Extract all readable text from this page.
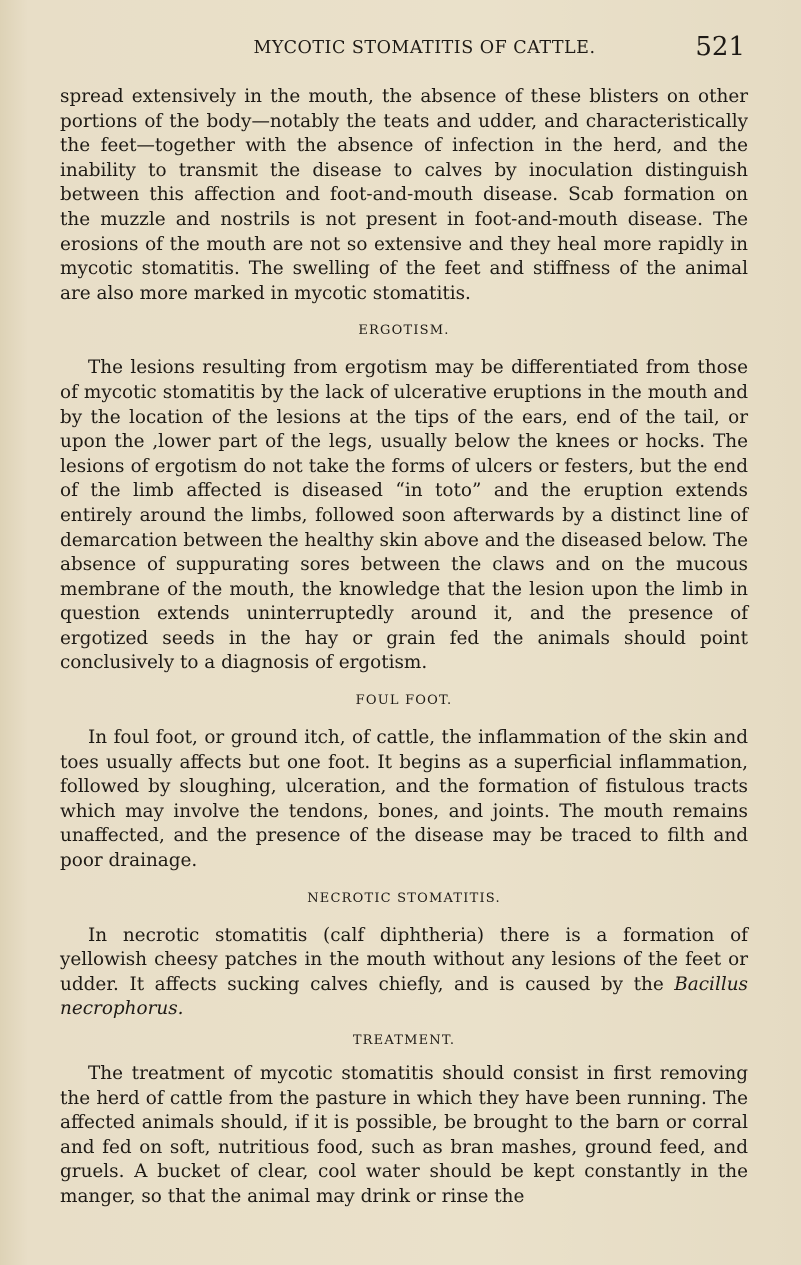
MYCOTIC STOMATITIS OF CATTLE.	521

spread extensively in the mouth, the absence of these blisters on other portions of the body—notably the teats and udder, and characteristically the feet—together with the absence of infection in the herd, and the inability to transmit the disease to calves by inoculation distinguish between this affection and foot-and-mouth disease. Scab formation on the muzzle and nostrils is not present in foot-and-mouth disease. The erosions of the mouth are not so extensive and they heal more rapidly in mycotic stomatitis. The swelling of the feet and stiffness of the animal are also more marked in mycotic stomatitis.

ERGOTISM.

The lesions resulting from ergotism may be differentiated from those of mycotic stomatitis by the lack of ulcerative eruptions in the mouth and by the location of the lesions at the tips of the ears, end of the tail, or upon the ,lower part of the legs, usually below the knees or hocks. The lesions of ergotism do not take the forms of ulcers or festers, but the end of the limb affected is diseased “in toto” and the eruption extends entirely around the limbs, followed soon afterwards by a distinct line of demarcation between the healthy skin above and the diseased below. The absence of suppurating sores between the claws and on the mucous membrane of the mouth, the knowledge that the lesion upon the limb in question extends uninterruptedly around it, and the presence of ergotized seeds in the hay or grain fed the animals should point conclusively to a diagnosis of ergotism.

FOUL FOOT.

In foul foot, or ground itch, of cattle, the inflammation of the skin and toes usually affects but one foot. It begins as a superficial inflammation, followed by sloughing, ulceration, and the formation of fistulous tracts which may involve the tendons, bones, and joints. The mouth remains unaffected, and the presence of the disease may be traced to filth and poor drainage.

NECROTIC STOMATITIS.

In necrotic stomatitis (calf diphtheria) there is a formation of yellowish cheesy patches in the mouth without any lesions of the feet or udder. It affects sucking calves chiefly, and is caused by the Bacillus necrophorus.

TREATMENT.

The treatment of mycotic stomatitis should consist in first removing the herd of cattle from the pasture in which they have been running. The affected animals should, if it is possible, be brought to the barn or corral and fed on soft, nutritious food, such as bran mashes, ground feed, and gruels. A bucket of clear, cool water should be kept constantly in the manger, so that the animal may drink or rinse the
